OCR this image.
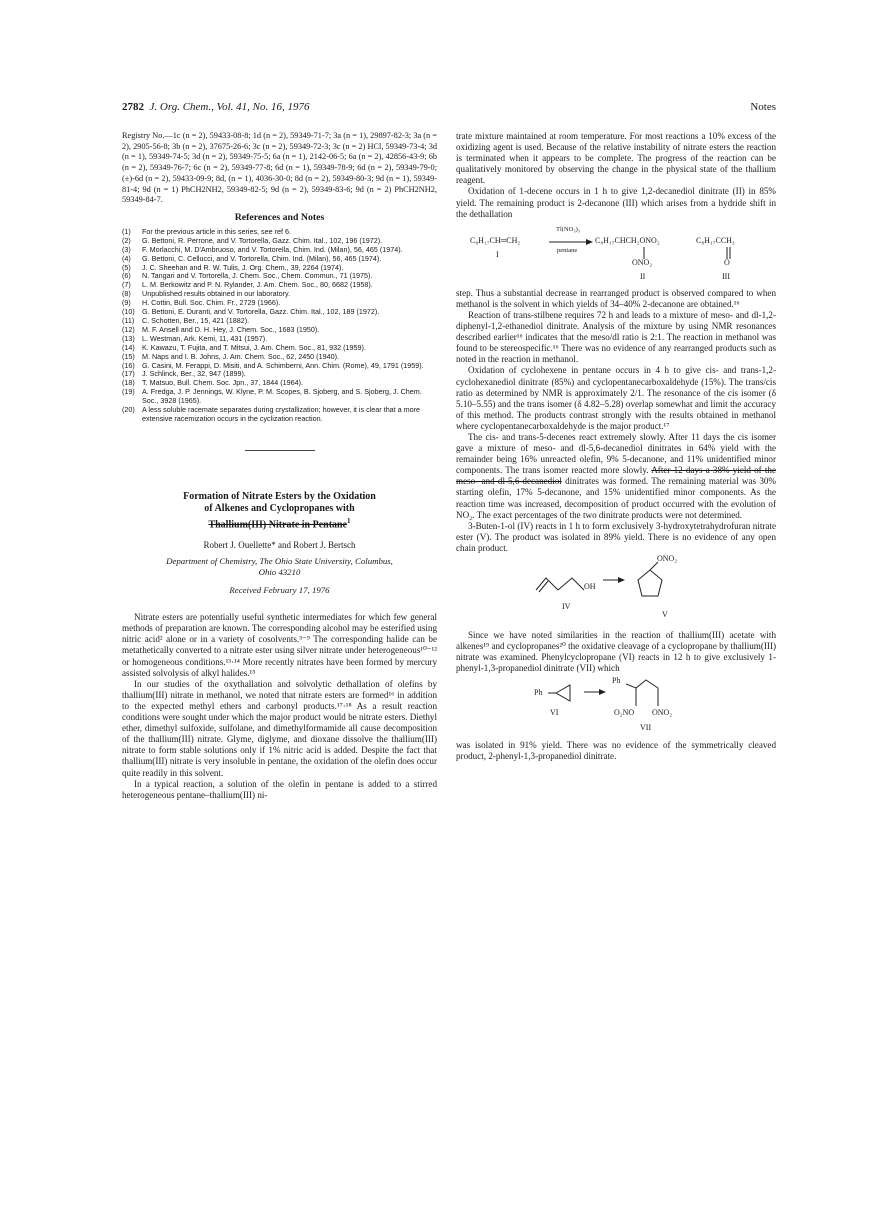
2782 J. Org. Chem., Vol. 41, No. 16, 1976	Notes

Registry No.—1c (n = 2), 59433-08-8; 1d (n = 2), 59349-71-7; 3a (n = 1), 29897-82-3; 3a (n = 2), 2905-56-8; 3b (n = 2), 37675-26-6; 3c (n = 2), 59349-72-3; 3c (n = 2) HCl, 59349-73-4; 3d (n = 1), 59349-74-5; 3d (n = 2), 59349-75-5; 6a (n = 1), 2142-06-5; 6a (n = 2), 42856-43-9; 6b (n = 2), 59349-76-7; 6c (n = 2), 59349-77-8; 6d (n = 1), 59349-78-9; 6d (n = 2), 59349-79-0; (±)-6d (n = 2), 59433-09-9; 8d, (n = 1), 4036-30-0; 8d (n = 2), 59349-80-3; 9d (n = 1), 59349-81-4; 9d (n = 1) PhCH2NH2, 59349-82-5; 9d (n = 2), 59349-83-6; 9d (n = 2) PhCH2NH2, 59349-84-7.

References and Notes
(1) For the previous article in this series, see ref 6.
(2) G. Bettoni, R. Perrone, and V. Tortorella, Gazz. Chim. Ital., 102, 196 (1972).
(3) F. Morlacchi, M. D'Ambruoso, and V. Tortorella, Chim. Ind. (Milan), 56, 465 (1974).
(4) G. Bettoni, C. Cellucci, and V. Tortorella, Chim. Ind. (Milan), 56, 465 (1974).
(5) J. C. Sheehan and R. W. Tulis, J. Org. Chem., 39, 2264 (1974).
(6) N. Tangari and V. Tortorella, J. Chem. Soc., Chem. Commun., 71 (1975).
(7) L. M. Berkowitz and P. N. Rylander, J. Am. Chem. Soc., 80, 6682 (1958).
(8) Unpublished results obtained in our laboratory.
(9) H. Cottin, Bull. Soc. Chim. Fr., 2729 (1966).
(10) G. Bettoni, E. Duranti, and V. Tortorella, Gazz. Chim. Ital., 102, 189 (1972).
(11) C. Schotten, Ber., 15, 421 (1882).
(12) M. F. Ansell and D. H. Hey, J. Chem. Soc., 1683 (1950).
(13) L. Westman, Ark. Kemi, 11, 431 (1957).
(14) K. Kawazu, T. Fujita, and T. Mitsui, J. Am. Chem. Soc., 81, 932 (1959).
(15) M. Naps and I. B. Johns, J. Am. Chem. Soc., 62, 2450 (1940).
(16) G. Casini, M. Ferappi, D. Misiti, and A. Schimberni, Ann. Chim. (Rome), 49, 1791 (1959).
(17) J. Schlinck, Ber., 32, 947 (1899).
(18) T. Matsuo, Bull. Chem. Soc. Jpn., 37, 1844 (1964).
(19) A. Fredga, J. P. Jennings, W. Klyne, P. M. Scopes, B. Sjoberg, and S. Sjoberg, J. Chem. Soc., 3928 (1965).
(20) A less soluble racemate separates during crystallization; however, it is clear that a more extensive racemization occurs in the cyclization reaction.

Formation of Nitrate Esters by the Oxidation
of Alkenes and Cyclopropanes with
Thallium(III) Nitrate in Pentane$^1$

Robert J. Ouellette* and Robert J. Bertsch

Department of Chemistry, The Ohio State University, Columbus,
Ohio 43210

Received February 17, 1976

Nitrate esters are potentially useful synthetic intermediates for which few general methods of preparation are known. The corresponding alcohol may be esterified using nitric acid² alone or in a variety of cosolvents.³⁻⁹ The corresponding halide can be metathetically converted to a nitrate ester using silver nitrate under heterogeneous¹⁰⁻¹² or homogeneous conditions.¹³·¹⁴ More recently nitrates have been formed by mercury assisted solvolysis of alkyl halides.¹⁵

In our studies of the oxythallation and solvolytic dethallation of olefins by thallium(III) nitrate in methanol, we noted that nitrate esters are formed¹⁶ in addition to the expected methyl ethers and carbonyl products.¹⁷·¹⁸ As a result reaction conditions were sought under which the major product would be nitrate esters. Diethyl ether, dimethyl sulfoxide, sulfolane, and dimethylformamide all cause decomposition of the thallium(III) nitrate. Glyme, diglyme, and dioxane dissolve the thallium(III) nitrate to form stable solutions only if 1% nitric acid is added. Despite the fact that thallium(III) nitrate is very insoluble in pentane, the oxidation of the olefin does occur quite readily in this solvent.

In a typical reaction, a solution of the olefin in pentane is added to a stirred heterogeneous pentane–thallium(III) ni-

trate mixture maintained at room temperature. For most reactions a 10% excess of the oxidizing agent is used. Because of the relative instability of nitrate esters the reaction is terminated when it appears to be complete. The progress of the reaction can be qualitatively monitored by observing the change in the physical state of the thallium reagent.

Oxidation of 1-decene occurs in 1 h to give 1,2-decanediol dinitrate (II) in 85% yield. The remaining product is 2-decanone (III) which arises from a hydride shift in the dethallation

C₈H₁₇CH═CH₂
I
Tl(NO₃)₃
pentane
C₈H₁₇CHCH₂ONO₂
ONO₂
II
C₈H₁₇CCH₃
O
III

step. Thus a substantial decrease in rearranged product is observed compared to when methanol is the solvent in which yields of 34–40% 2-decanone are obtained.¹⁶

Reaction of trans-stilbene requires 72 h and leads to a mixture of meso- and dl-1,2-diphenyl-1,2-ethanediol dinitrate. Analysis of the mixture by using NMR resonances described earlier¹⁶ indicates that the meso/dl ratio is 2:1. The reaction in methanol was found to be stereospecific.¹⁶ There was no evidence of any rearranged products such as noted in the reaction in methanol.

Oxidation of cyclohexene in pentane occurs in 4 h to give cis- and trans-1,2-cyclohexanediol dinitrate (85%) and cyclopentanecarboxaldehyde (15%). The trans/cis ratio as determined by NMR is approximately 2/1. The resonance of the cis isomer (δ 5.10–5.55) and the trans isomer (δ 4.82–5.28) overlap somewhat and limit the accuracy of this method. The products contrast strongly with the results obtained in methanol where cyclopentanecarboxaldehyde is the major product.¹⁷

The cis- and trans-5-decenes react extremely slowly. After 11 days the cis isomer gave a mixture of meso- and dl-5,6-decanediol dinitrates in 64% yield with the remainder being 16% unreacted olefin, 9% 5-decanone, and 11% unidentified minor components. The trans isomer reacted more slowly. After 12 days a 38% yield of the meso- and dl-5,6-decanediol dinitrates was formed. The remaining material was 30% starting olefin, 17% 5-decanone, and 15% unidentified minor components. As the reaction time was increased, decomposition of product occurred with the evolution of NO₂. The exact percentages of the two dinitrate products were not determined.

3-Buten-1-ol (IV) reacts in 1 h to form exclusively 3-hydroxytetrahydrofuran nitrate ester (V). The product was isolated in 89% yield. There is no evidence of any open chain product.

OH
IV
ONO₂
V

Since we have noted similarities in the reaction of thallium(III) acetate with alkenes¹⁹ and cyclopropanes²⁰ the oxidative cleavage of a cyclopropane by thallium(III) nitrate was examined. Phenylcyclopropane (VI) reacts in 12 h to give exclusively 1-phenyl-1,3-propanediol dinitrate (VII) which

Ph
VI
Ph
O₂NO ONO₂
VII

was isolated in 91% yield. There was no evidence of the symmetrically cleaved product, 2-phenyl-1,3-propanediol dinitrate.
